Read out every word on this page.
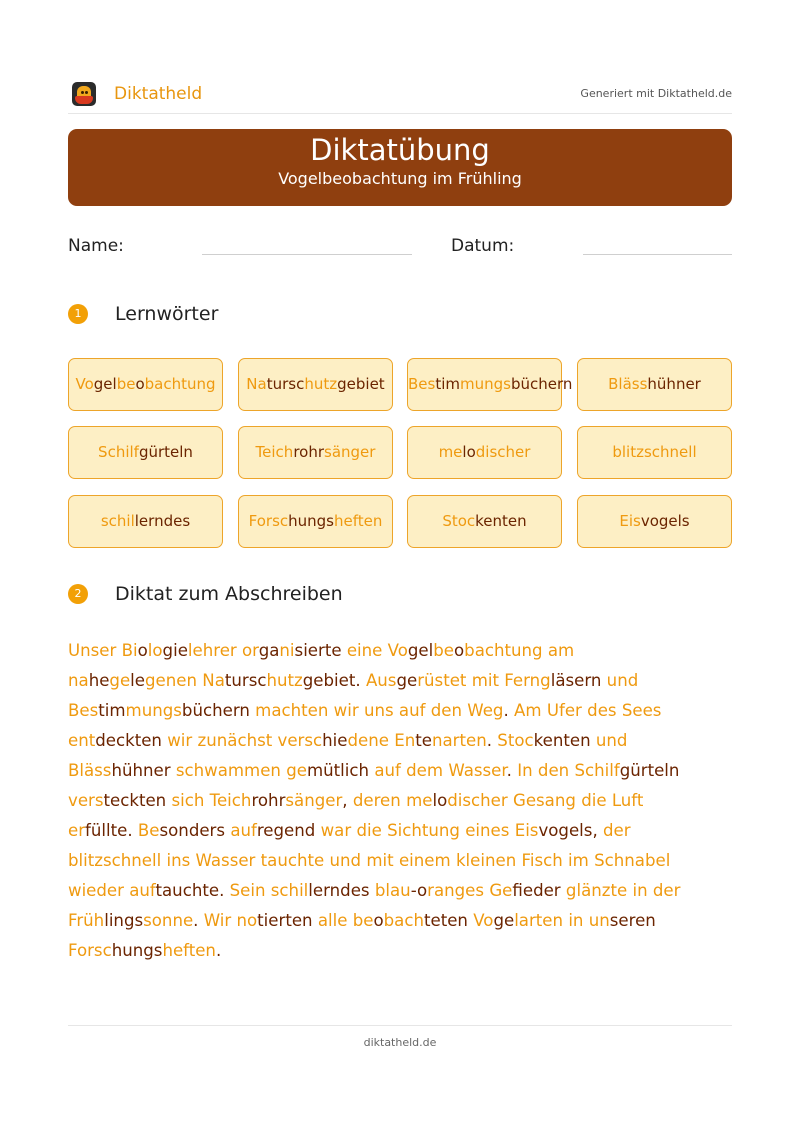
Diktatheld	Generiert mit Diktatheld.de
Diktatübung
Vogelbeobachtung im Frühling
Name:	Datum:
1	Lernwörter
Vogelbeobachtung	Naturschutzgebiet	Bestimmungsbüchern	Blässhühner
Schilfgürteln	Teichrohrsänger	melodischer	blitzschnell
schillerndes	Forschungsheften	Stockenten	Eisvogels
2	Diktat zum Abschreiben
Unser Biologielehrer organisierte eine Vogelbeobachtung am
nahegelegenen Naturschutzgebiet. Ausgerüstet mit Ferngläsern und
Bestimmungsbüchern machten wir uns auf den Weg. Am Ufer des Sees
entdeckten wir zunächst verschiedene Entenarten. Stockenten und
Blässhühner schwammen gemütlich auf dem Wasser. In den Schilfgürteln
versteckten sich Teichrohrsänger, deren melodischer Gesang die Luft
erfüllte. Besonders aufregend war die Sichtung eines Eisvogels, der
blitzschnell ins Wasser tauchte und mit einem kleinen Fisch im Schnabel
wieder auftauchte. Sein schillerndes blau-oranges Gefieder glänzte in der
Frühlingssonne. Wir notierten alle beobachteten Vogelarten in unseren
Forschungsheften.
diktatheld.de
